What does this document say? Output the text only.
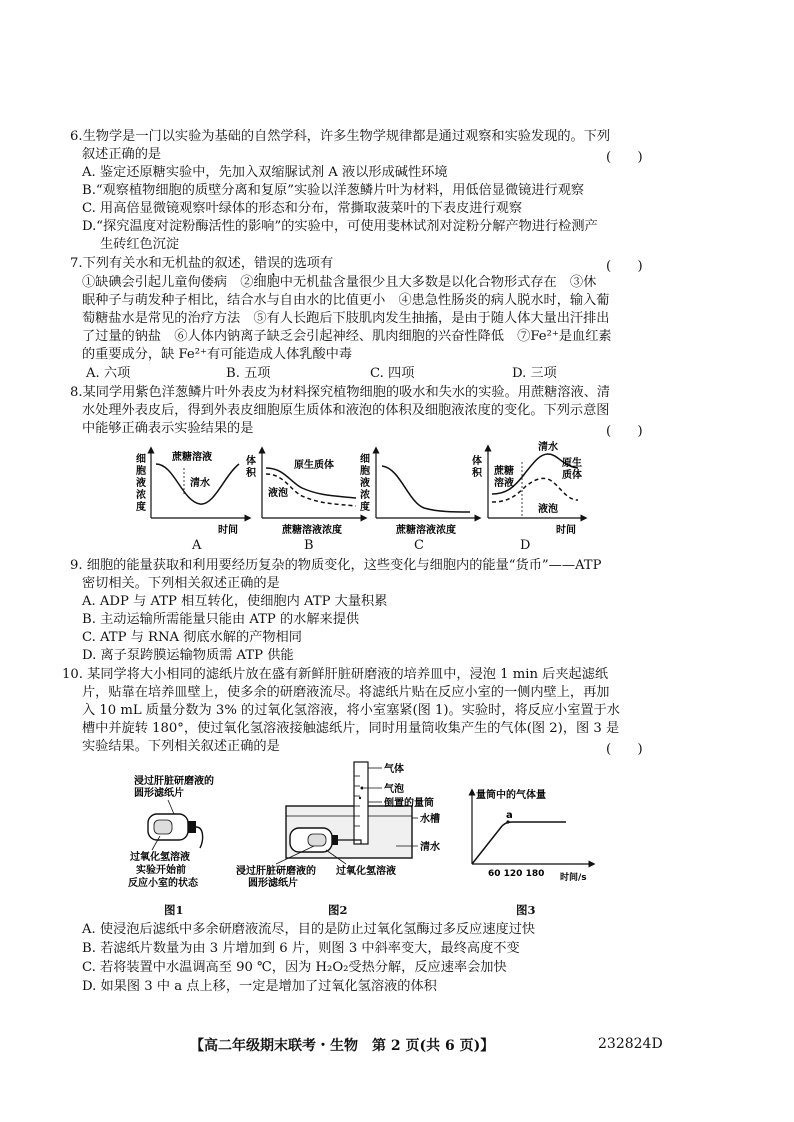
6.生物学是一门以实验为基础的自然学科，许多生物学规律都是通过观察和实验发现的。下列
叙述正确的是	(　　)
A. 鉴定还原糖实验中，先加入双缩脲试剂 A 液以形成碱性环境
B.“观察植物细胞的质壁分离和复原”实验以洋葱鳞片叶为材料，用低倍显微镜进行观察
C. 用高倍显微镜观察叶绿体的形态和分布，常撕取菠菜叶的下表皮进行观察
D.“探究温度对淀粉酶活性的影响”的实验中，可使用斐林试剂对淀粉分解产物进行检测产
生砖红色沉淀
7.下列有关水和无机盐的叙述，错误的选项有	(　　)
①缺碘会引起儿童佝偻病　②细胞中无机盐含量很少且大多数是以化合物形式存在　③休
眠种子与萌发种子相比，结合水与自由水的比值更小　④患急性肠炎的病人脱水时，输入葡
萄糖盐水是常见的治疗方法　⑤有人长跑后下肢肌肉发生抽搐，是由于随人体大量出汗排出
了过量的钠盐　⑥人体内钠离子缺乏会引起神经、肌肉细胞的兴奋性降低　⑦Fe²⁺是血红素
的重要成分，缺 Fe²⁺有可能造成人体乳酸中毒
A. 六项	B. 五项	C. 四项	D. 三项
8.某同学用紫色洋葱鳞片叶外表皮为材料探究植物细胞的吸水和失水的实验。用蔗糖溶液、清
水处理外表皮后，得到外表皮细胞原生质体和液泡的体积及细胞液浓度的变化。下列示意图
中能够正确表示实验结果的是	(　　)
细
胞
液
浓
度
蔗糖溶液
清水
时间
A
体
积
原生质体
液泡
蔗糖溶液浓度
B
细
胞
液
浓
度
蔗糖溶液浓度
C
体
积 蔗糖
溶液
清水
原生
质体
液泡
时间
D
9. 细胞的能量获取和利用要经历复杂的物质变化，这些变化与细胞内的能量“货币”——ATP
密切相关。下列相关叙述正确的是
A. ADP 与 ATP 相互转化，使细胞内 ATP 大量积累
B. 主动运输所需能量只能由 ATP 的水解来提供
C. ATP 与 RNA 彻底水解的产物相同
D. 离子泵跨膜运输物质需 ATP 供能
10. 某同学将大小相同的滤纸片放在盛有新鲜肝脏研磨液的培养皿中，浸泡 1 min 后夹起滤纸
片，贴靠在培养皿壁上，使多余的研磨液流尽。将滤纸片贴在反应小室的一侧内壁上，再加
入 10 mL 质量分数为 3% 的过氧化氢溶液，将小室塞紧(图 1)。实验时，将反应小室置于水
槽中并旋转 180°，使过氧化氢溶液接触滤纸片，同时用量筒收集产生的气体(图 2)，图 3 是
实验结果。下列相关叙述正确的是	(　　)
浸过肝脏研磨液的
圆形滤纸片
过氧化氢溶液
实验开始前
反应小室的状态
图1
气体
气泡
倒置的量筒
水槽
清水
浸过肝脏研磨液的
圆形滤纸片
过氧化氢溶液
图2
量筒中的气体量
a
60 120 180 时间/s
图3
A. 使浸泡后滤纸中多余研磨液流尽，目的是防止过氧化氢酶过多反应速度过快
B. 若滤纸片数量为由 3 片增加到 6 片，则图 3 中斜率变大，最终高度不变
C. 若将装置中水温调高至 90 ℃，因为 H₂O₂受热分解，反应速率会加快
D. 如果图 3 中 a 点上移，一定是增加了过氧化氢溶液的体积
【高二年级期末联考・生物　第 2 页(共 6 页)】	232824D
